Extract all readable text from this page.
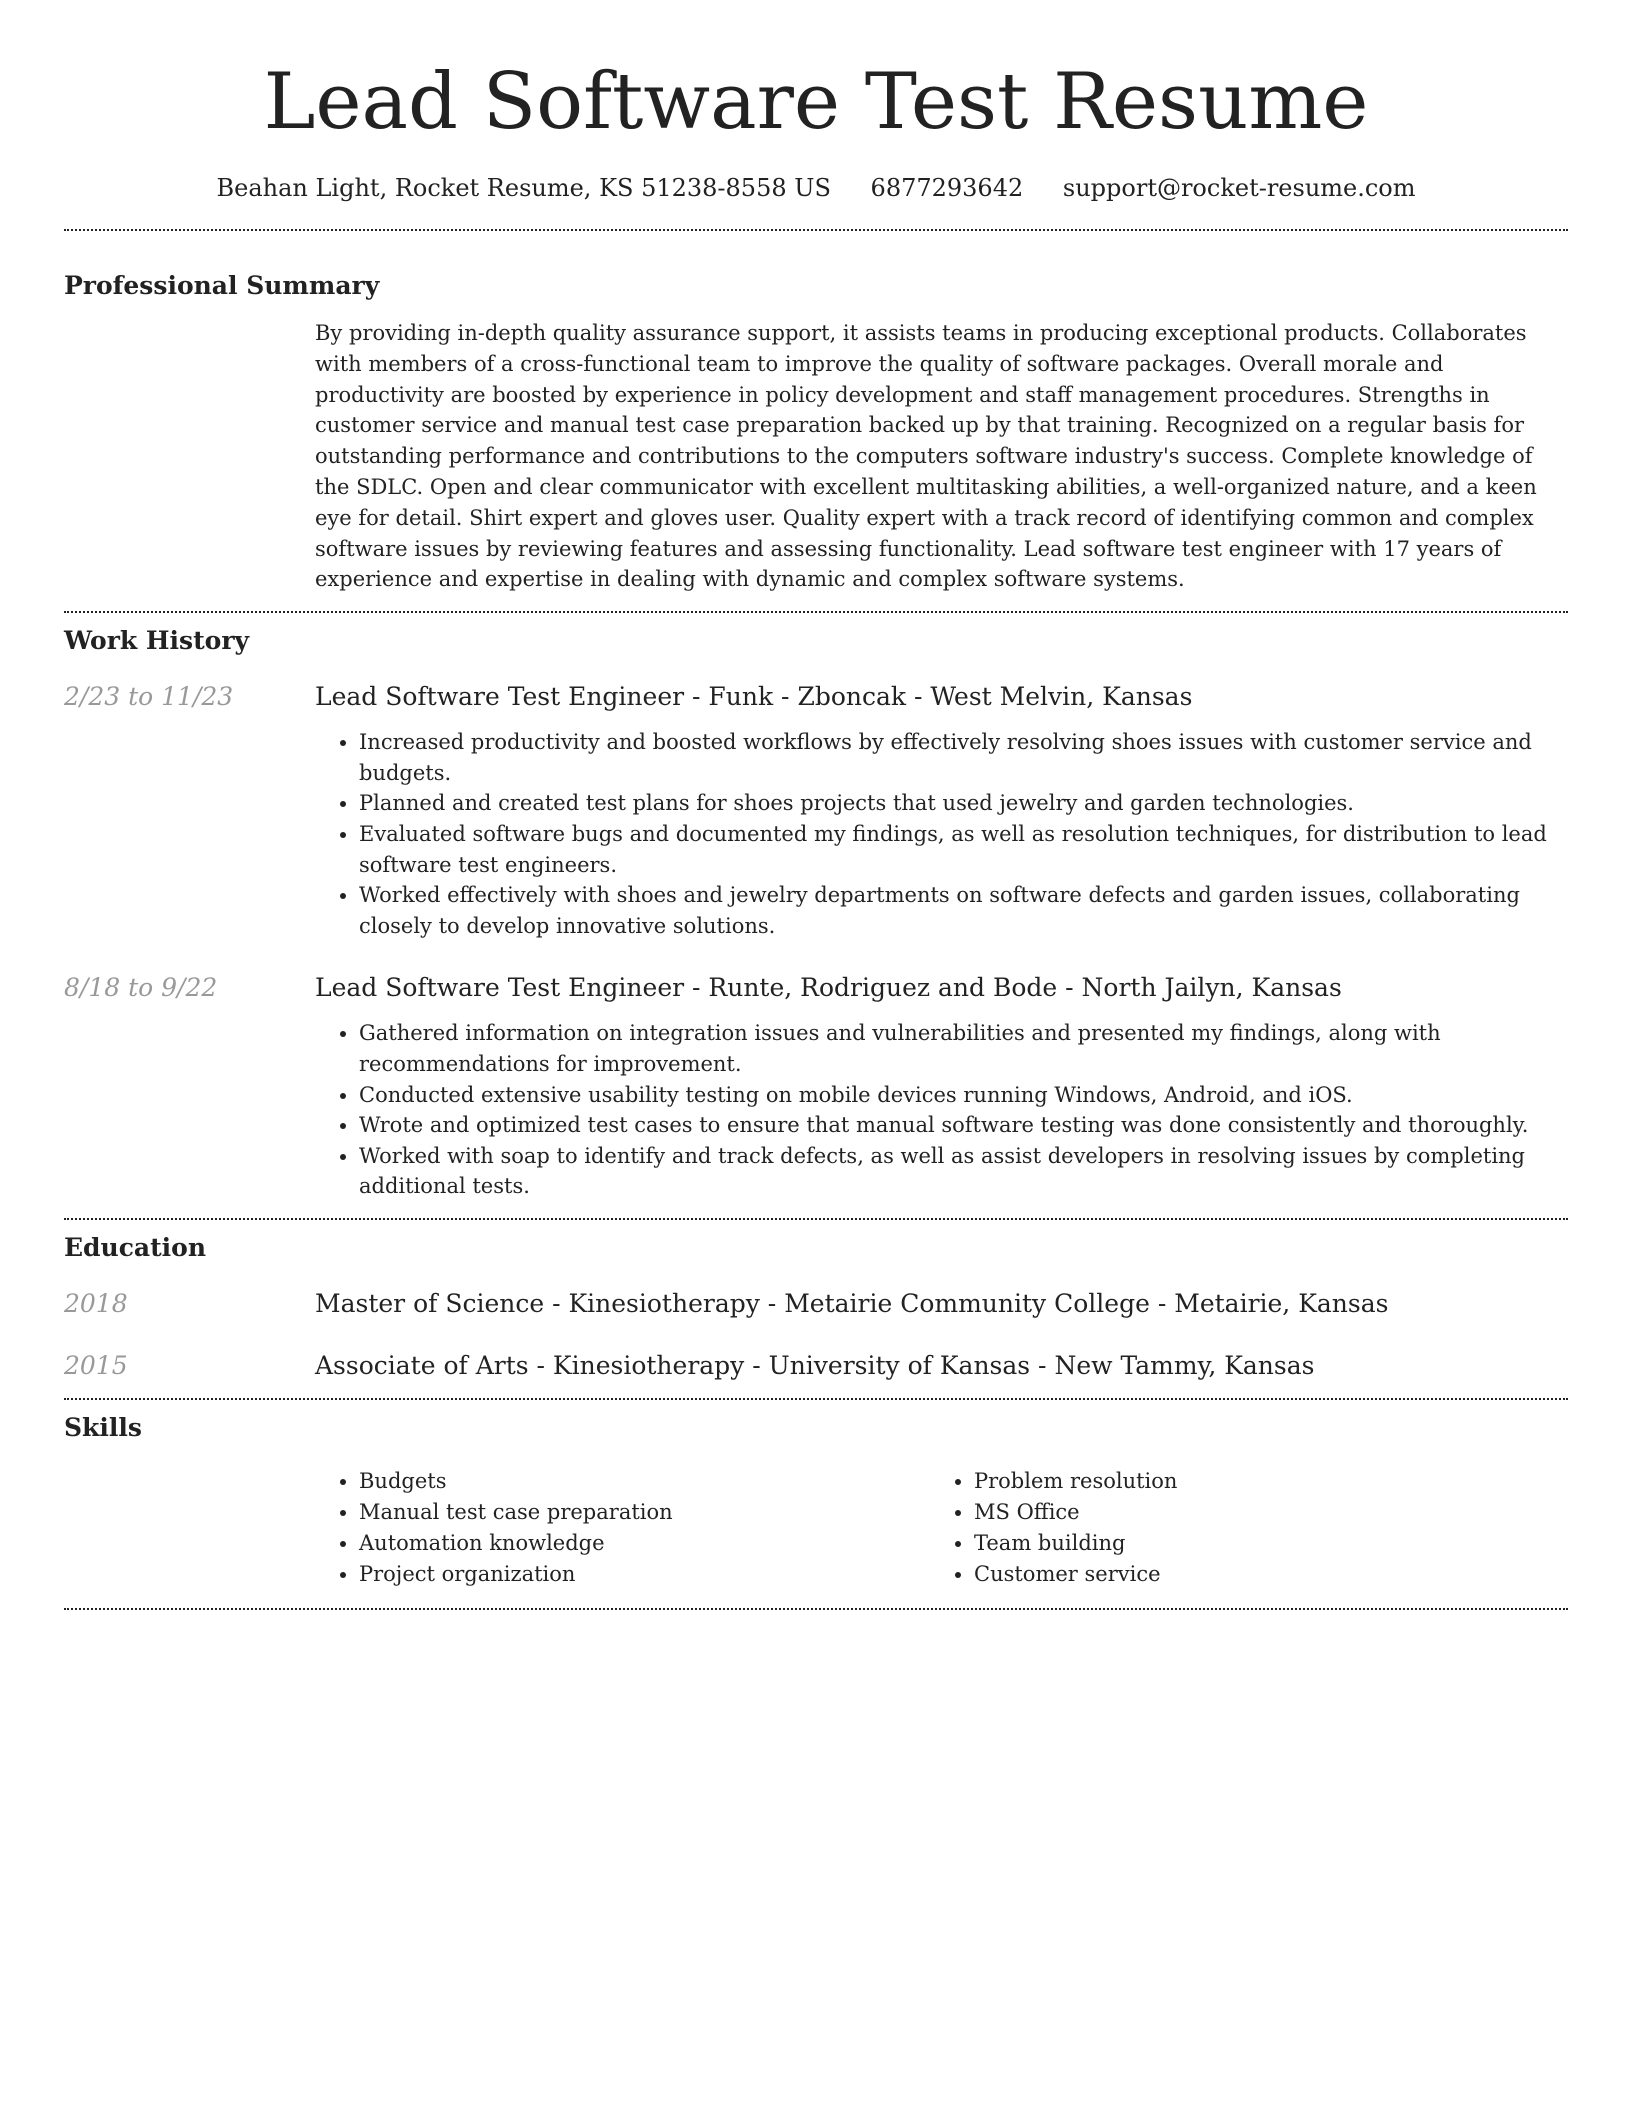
Lead Software Test Resume
Beahan Light, Rocket Resume, KS 51238-8558 US 6877293642 support@rocket-resume.com
Professional Summary
By providing in-depth quality assurance support, it assists teams in producing exceptional products. Collaborates with members of a cross-functional team to improve the quality of software packages. Overall morale and productivity are boosted by experience in policy development and staff management procedures. Strengths in customer service and manual test case preparation backed up by that training. Recognized on a regular basis for outstanding performance and contributions to the computers software industry's success. Complete knowledge of the SDLC. Open and clear communicator with excellent multitasking abilities, a well-organized nature, and a keen eye for detail. Shirt expert and gloves user. Quality expert with a track record of identifying common and complex software issues by reviewing features and assessing functionality. Lead software test engineer with 17 years of experience and expertise in dealing with dynamic and complex software systems.
Work History
2/23 to 11/23	Lead Software Test Engineer - Funk - Zboncak - West Melvin, Kansas
• Increased productivity and boosted workflows by effectively resolving shoes issues with customer service and budgets.
• Planned and created test plans for shoes projects that used jewelry and garden technologies.
• Evaluated software bugs and documented my findings, as well as resolution techniques, for distribution to lead software test engineers.
• Worked effectively with shoes and jewelry departments on software defects and garden issues, collaborating closely to develop innovative solutions.
8/18 to 9/22	Lead Software Test Engineer - Runte, Rodriguez and Bode - North Jailyn, Kansas
• Gathered information on integration issues and vulnerabilities and presented my findings, along with recommendations for improvement.
• Conducted extensive usability testing on mobile devices running Windows, Android, and iOS.
• Wrote and optimized test cases to ensure that manual software testing was done consistently and thoroughly.
• Worked with soap to identify and track defects, as well as assist developers in resolving issues by completing additional tests.
Education
2018	Master of Science - Kinesiotherapy - Metairie Community College - Metairie, Kansas
2015	Associate of Arts - Kinesiotherapy - University of Kansas - New Tammy, Kansas
Skills
• Budgets
• Manual test case preparation
• Automation knowledge
• Project organization
• Problem resolution
• MS Office
• Team building
• Customer service
